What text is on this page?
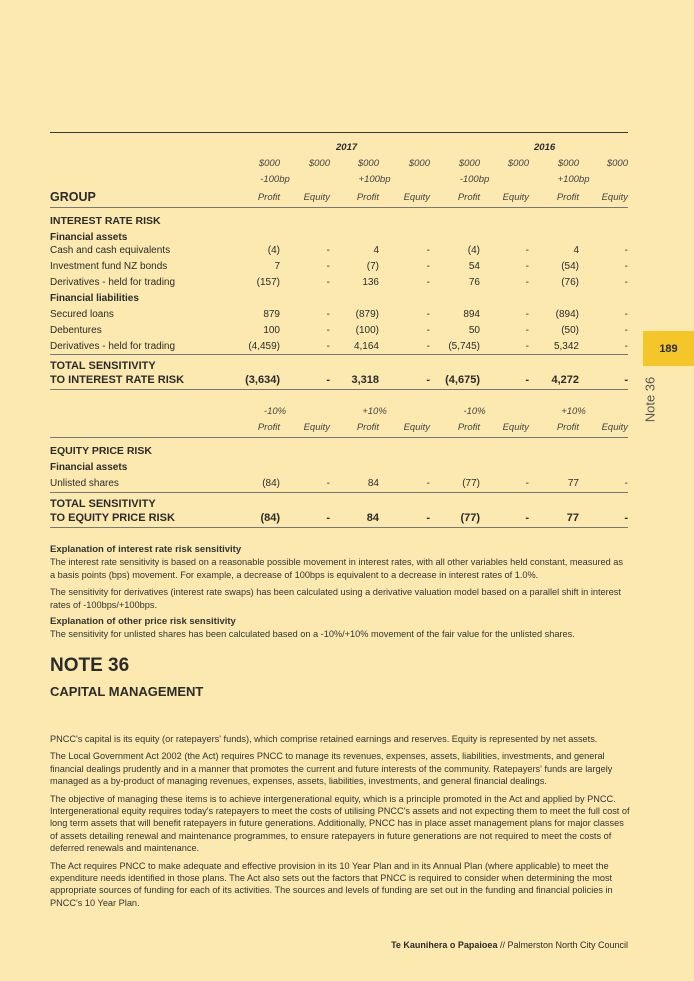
2017	2016
$000	$000	$000	$000	$000	$000	$000	$000
-100bp	+100bp	-100bp	+100bp
GROUP	Profit	Equity	Profit	Equity	Profit	Equity	Profit	Equity
INTEREST RATE RISK
Financial assets
Cash and cash equivalents	(4)	-	4	-	(4)	-	4	-
Investment fund NZ bonds	7	-	(7)	-	54	-	(54)	-
Derivatives - held for trading	(157)	-	136	-	76	-	(76)	-
Financial liabilities
Secured loans	879	-	(879)	-	894	-	(894)	-
Debentures	100	-	(100)	-	50	-	(50)	-
Derivatives - held for trading	(4,459)	-	4,164	-	(5,745)	-	5,342	-
TOTAL SENSITIVITY
TO INTEREST RATE RISK	(3,634)	-	3,318	-	(4,675)	-	4,272	-
-10%	+10%	-10%	+10%
Profit	Equity	Profit	Equity	Profit	Equity	Profit	Equity
EQUITY PRICE RISK
Financial assets
Unlisted shares	(84)	-	84	-	(77)	-	77	-
TOTAL SENSITIVITY
TO EQUITY PRICE RISK	(84)	-	84	-	(77)	-	77	-
Explanation of interest rate risk sensitivity

The interest rate sensitivity is based on a reasonable possible movement in interest rates, with all other variables held constant, measured as a basis points (bps) movement. For example, a decrease of 100bps is equivalent to a decrease in interest rates of 1.0%.

The sensitivity for derivatives (interest rate swaps) has been calculated using a derivative valuation model based on a parallel shift in interest rates of -100bps/+100bps.

Explanation of other price risk sensitivity

The sensitivity for unlisted shares has been calculated based on a -10%/+10% movement of the fair value for the unlisted shares.

NOTE 36
CAPITAL MANAGEMENT

PNCC's capital is its equity (or ratepayers' funds), which comprise retained earnings and reserves. Equity is represented by net assets.

The Local Government Act 2002 (the Act) requires PNCC to manage its revenues, expenses, assets, liabilities, investments, and general financial dealings prudently and in a manner that promotes the current and future interests of the community. Ratepayers' funds are largely managed as a by-product of managing revenues, expenses, assets, liabilities, investments, and general financial dealings.

The objective of managing these items is to achieve intergenerational equity, which is a principle promoted in the Act and applied by PNCC. Intergenerational equity requires today's ratepayers to meet the costs of utilising PNCC's assets and not expecting them to meet the full cost of long term assets that will benefit ratepayers in future generations. Additionally, PNCC has in place asset management plans for major classes of assets detailing renewal and maintenance programmes, to ensure ratepayers in future generations are not required to meet the costs of deferred renewals and maintenance.

The Act requires PNCC to make adequate and effective provision in its 10 Year Plan and in its Annual Plan (where applicable) to meet the expenditure needs identified in those plans. The Act also sets out the factors that PNCC is required to consider when determining the most appropriate sources of funding for each of its activities. The sources and levels of funding are set out in the funding and financial policies in PNCC's 10 Year Plan.

189
Note 36
Te Kaunihera o Papaioea // Palmerston North City Council
